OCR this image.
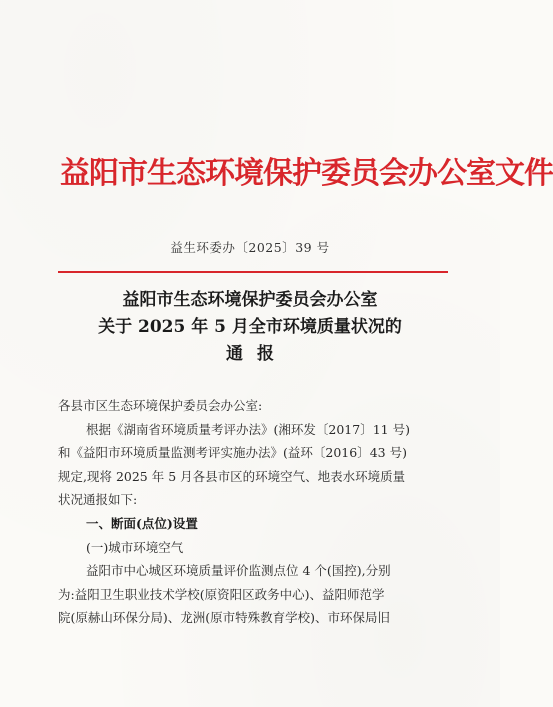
益阳市生态环境保护委员会办公室文件
益生环委办〔2025〕39 号
益阳市生态环境保护委员会办公室
关于 2025 年 5 月全市环境质量状况的
通报

各县市区生态环境保护委员会办公室:

根据《湖南省环境质量考评办法》(湘环发〔2017〕11 号)

和《益阳市环境质量监测考评实施办法》(益环〔2016〕43 号)

规定,现将 2025 年 5 月各县市区的环境空气、地表水环境质量

状况通报如下:

一、断面(点位)设置

(一)城市环境空气

益阳市中心城区环境质量评价监测点位 4 个(国控),分别

为:益阳卫生职业技术学校(原资阳区政务中心)、益阳师范学

院(原赫山环保分局)、龙洲(原市特殊教育学校)、市环保局旧
